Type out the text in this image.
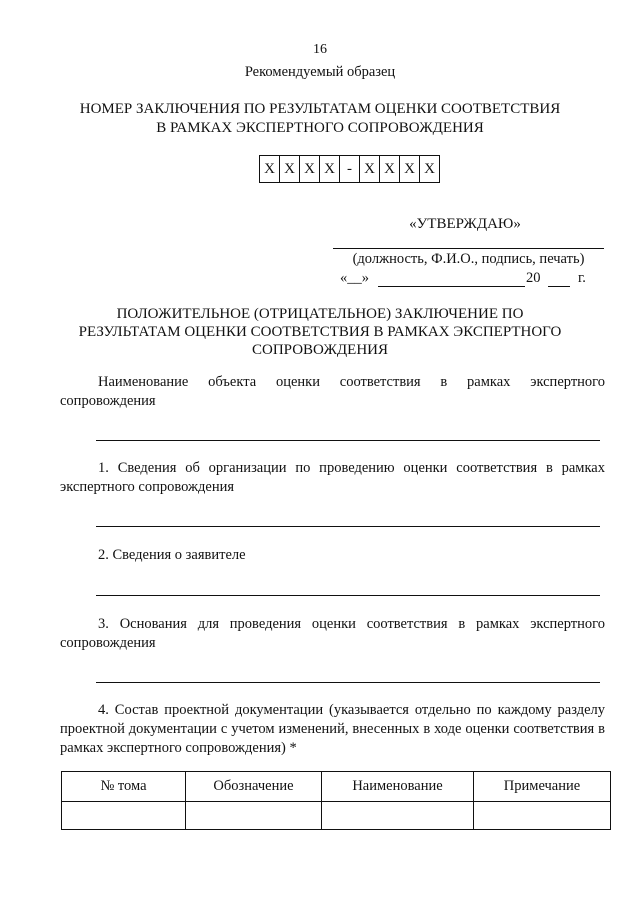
16
Рекомендуемый образец
НОМЕР ЗАКЛЮЧЕНИЯ ПО РЕЗУЛЬТАТАМ ОЦЕНКИ СООТВЕТСТВИЯ
В РАМКАХ ЭКСПЕРТНОГО СОПРОВОЖДЕНИЯ
X X X X - X X X X
«УТВЕРЖДАЮ»
(должность, Ф.И.О., подпись, печать)
«__»	20	г.
ПОЛОЖИТЕЛЬНОЕ (ОТРИЦАТЕЛЬНОЕ) ЗАКЛЮЧЕНИЕ ПО
РЕЗУЛЬТАТАМ ОЦЕНКИ СООТВЕТСТВИЯ В РАМКАХ ЭКСПЕРТНОГО
СОПРОВОЖДЕНИЯ
Наименование объекта оценки соответствия в рамках экспертного сопровождения
1. Сведения об организации по проведению оценки соответствия в рамках экспертного сопровождения
2. Сведения о заявителе
3. Основания для проведения оценки соответствия в рамках экспертного сопровождения
4. Состав проектной документации (указывается отдельно по каждому разделу проектной документации с учетом изменений, внесенных в ходе оценки соответствия в рамках экспертного сопровождения) *
№ тома	Обозначение	Наименование	Примечание
